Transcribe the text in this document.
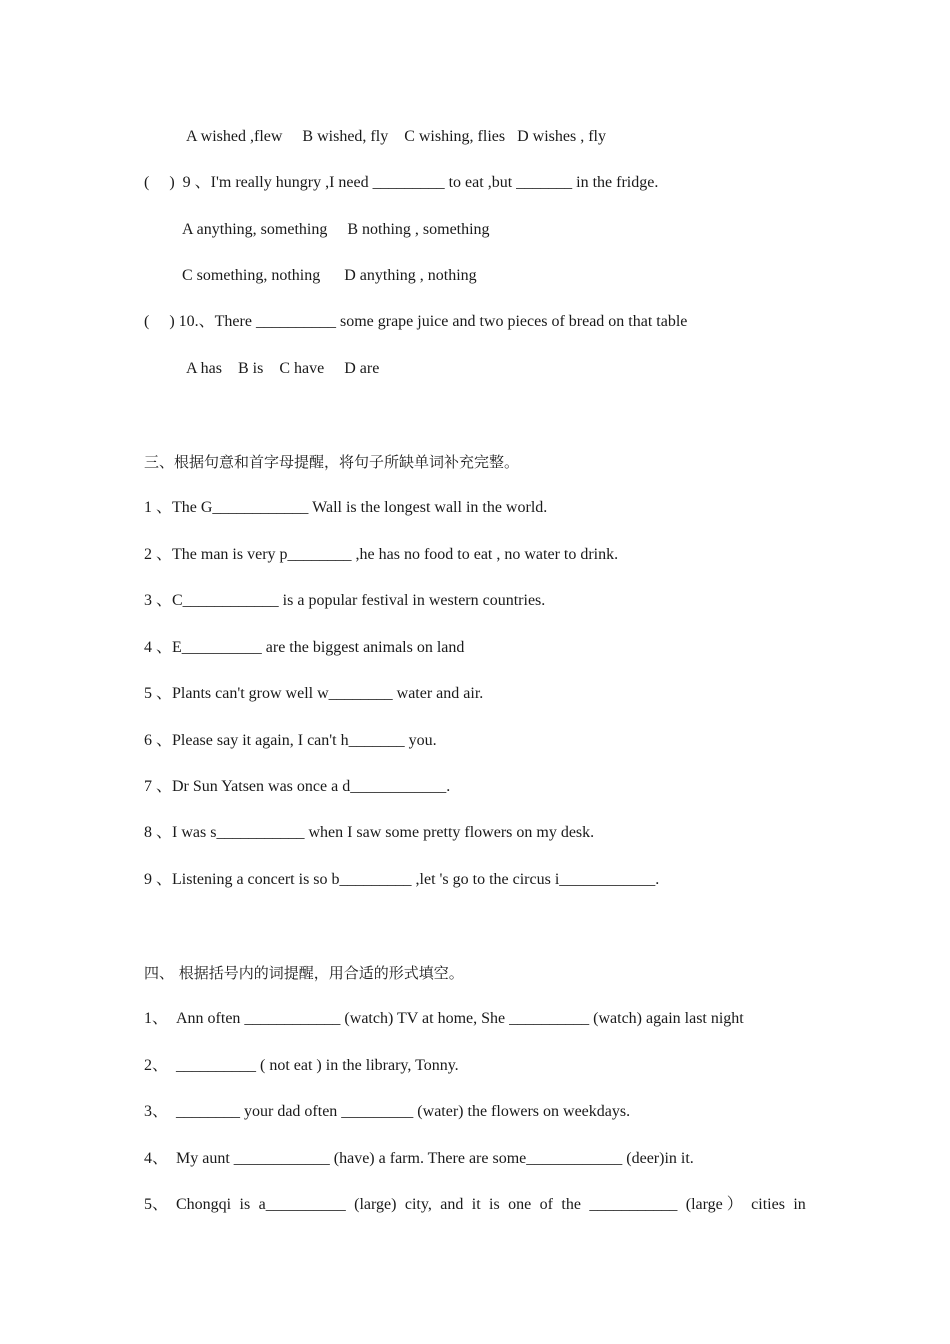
A wished ,flew     B wished, fly    C wishing, flies   D wishes , fly
(     )  9 、I'm really hungry ,I need _________ to eat ,but _______ in the fridge.
A anything, something     B nothing , something
C something, nothing      D anything , nothing
(     ) 10.、There __________ some grape juice and two pieces of bread on that table
A has    B is    C have     D are
三、根据句意和首字母提醒，将句子所缺单词补充完整。
1 、The G____________ Wall is the longest wall in the world.
2 、The man is very p________ ,he has no food to eat , no water to drink.
3 、C____________ is a popular festival in western countries.
4 、E__________ are the biggest animals on land
5 、Plants can't grow well w________ water and air.
6 、Please say it again, I can't h_______ you.
7 、Dr Sun Yatsen was once a d____________.
8 、I was s___________ when I saw some pretty flowers on my desk.
9 、Listening a concert is so b_________ ,let 's go to the circus i____________.
四、 根据括号内的词提醒，用合适的形式填空。
1、  Ann often ____________ (watch) TV at home, She __________ (watch) again last night
2、  __________ ( not eat ) in the library, Tonny.
3、  ________ your dad often _________ (water) the flowers on weekdays.
4、  My aunt ____________ (have) a farm. There are some____________ (deer)in it.
5、  Chongqi is a__________ (large) city, and it is one of the ___________ (large ） cities in
